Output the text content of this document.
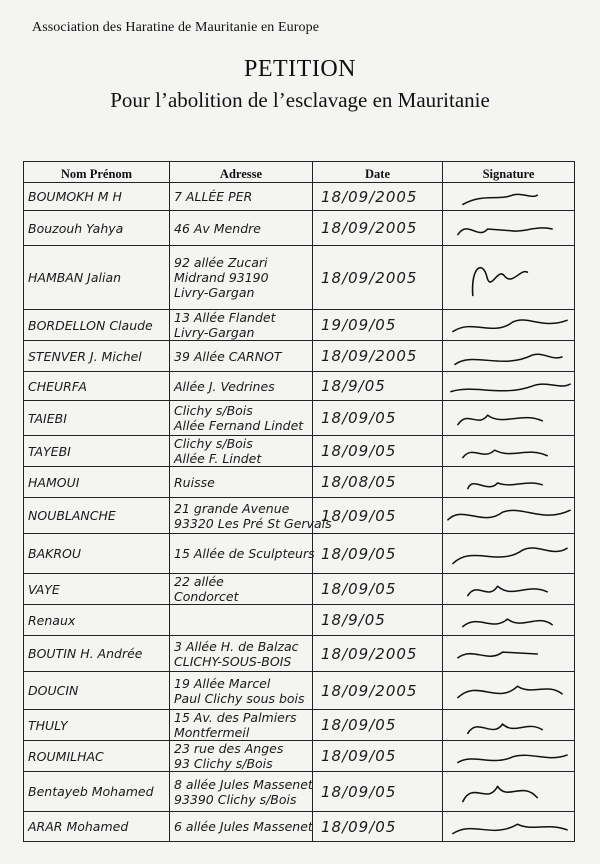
Association des Haratine de Mauritanie en Europe
PETITION
Pour l’abolition de l’esclavage en Mauritanie
Nom Prénom	Adresse	Date	Signature
BOUMOKH M H	7 ALLÉE PER	18/09/2005	

Bouzouh Yahya	46 Av Mendre	18/09/2005	

HAMBAN Jalian	92 allée Zucari
Midrand 93190
Livry-Gargan	18/09/2005	

BORDELLON Claude	13 Allée Flandet
Livry-Gargan	19/09/05	

STENVER J. Michel	39 Allée CARNOT	18/09/2005	

CHEURFA	Allée J. Vedrines	18/9/05	

TAIEBI	Clichy s/Bois
Allée Fernand Lindet	18/09/05	

TAYEBI	Clichy s/Bois
Allée F. Lindet	18/09/05	

HAMOUI	Ruisse	18/08/05	

NOUBLANCHE	21 grande Avenue
93320 Les Pré St Gervais	18/09/05	

BAKROU	15 Allée de Sculpteurs	18/09/05	

VAYE	22 allée
Condorcet	18/09/05	

Renaux		18/9/05	

BOUTIN H. Andrée	3 Allée H. de Balzac
CLICHY-SOUS-BOIS	18/09/2005	

DOUCIN	19 Allée Marcel
Paul Clichy sous bois	18/09/2005	

THULY	15 Av. des Palmiers
Montfermeil	18/09/05	

ROUMILHAC	23 rue des Anges
93 Clichy s/Bois	18/09/05	

Bentayeb Mohamed	8 allée Jules Massenet
93390 Clichy s/Bois	18/09/05	

ARAR Mohamed	6 allée Jules Massenet	18/09/05	
